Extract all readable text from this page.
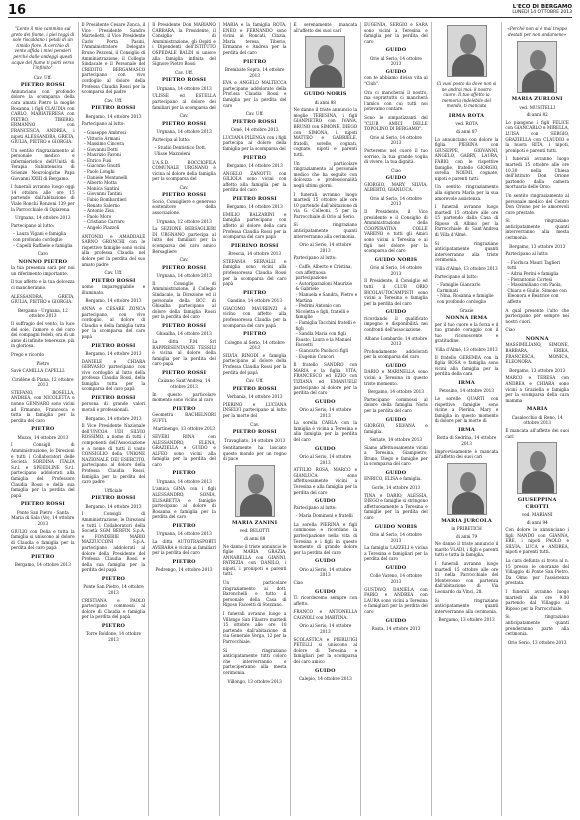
16	L'ECO DI BERGAMO
LUNEDÌ 14 OTTOBRE 2013
"Lento il mio cammino sul greto dei fiume, i piei toggi di sole riscaldano i petali di un timido fiore. A cerchio di vento affida i miei pensieri perché dalle ondeggi questi acque del fiume ti porti verso l'infinito"
Cav. Uff.
PIETRO ROSSI
Annunciano con profondo dolore la scomparsa della cara amata Pietro la moglie Rosanna, i figli CLAUDIA con CARLO, MARIATERESA con PIETRO, TIBERIO, ERMANNO con FRANCESCA, ANDREA, i nipoti ALESSANDRA, GRETA, GIULIA, PIETRO e GIORGIA.
Un sentito ringraziamento al personale medico e infermieristico dell'Unità di Terapia Subintensiva di Scienze Neurologiche Papa Giovanni XXIII di Bergamo.
I funerali avranno luogo oggi 14 ottobre alle ore 15 partendo dall'abitazione di Viale Ronchi Ronzoni 139 per la Parrocchiale di Ogiarena.
Urgnana, 14 ottobre 2013
Partecipano al lutto:
– Laura Vigani e famiglia con profondo cordoglio
– Capelli Raffaele e famiglia
Caro
NONNO PIETRO
la tua presenza sarà per noi un riferimento importante.
Il tuo affetto e la tua dolcezza ci mancheranno.
ALESSANDRA, GRETA, GIULIA, PIETRO e GIORGIA.
Bergamo - Urgnana, 12 ottobre 2013
Il suffragio del vento, la luce del sole, l'amore e del coro dei compagni fedeli, ora di un anno di infinite tenerezze, più in gloriosa.
Prego e ricordo
Pietro
Savè CAMILLA CAPELLI.
Ciridène di Piana, 12 ottobre 2013
STEFANO, ROSELLA, ANDREA, con NICOLETTA e nonno GENNARO sono vicini ad Ermanno, Francesca e tutta la famiglia per la perdita del caro
PIETRO
Mozzo, 14 ottobre 2013
I Consigli di Amministrazione, le Direzioni e tutti i Collaboratori delle Società SORDINA ITALIA S.r.l. e SPEEDLINE S.r.l. partecipano addolorati alla famiglia del Professore Claudia Rossi e della sua famiglia per la perdita del papà
PIETRO ROSSI
Ponte San Pietro - Santa Maria di Sala (Ve), 14 ottobre 2013
GIULIO con Delia e tutta la famiglia si uniscono al dolore di Claudia e famiglia per la perdita del caro papà
PIETRO
Bergamo, 14 ottobre 2013
Il Presidente Cesare Zonca, il Vice Presidente Sandro Martelletti, il Vice Presidente Carlo Porta Pasini, l'Amministratore Delegato Bruno Pezzoni, il Consiglio di Amministrazione, il Collegio Sindacale e il Personale del CREDITO BERGAMASCO partecipano con vivo cordoglio al dolore della Professa Claudia Rossi per la scomparsa del padre
Cav. Uff.
PIETRO ROSSI
Bergamo, 14 ottobre 2013
Partecipano al lutto:
– Giuseppe Ambrosi
– Vittorio Armani
– Massimo Cincera
– Giovanni Dotti
– Maurizio Faroni
– Enrico Fusi
– Giacomo Gnutti
– Paolo Longhi
– Daniele Montanelli
– Alberto Motta
– Monica Santini
– Giovanni Tantini
– Fabio Bombardieri
– Renato Salerno
– Antonio Zisa
– Paolo Moro
– Cristiano Carraro
– Angelo Piazzoli
ANTONIO e AMADDALE SARNO GRONCHI con le rispettive famiglie sono vicini alla professa Claudia nel dolore per la perdita del suo amato padre
Cav. Uff.
PIETRO ROSSI
uomo impareggiabile e illuminato.
Bergamo, 14 ottobre 2013
ANNA e CESARE ZONCA partecipano, con vivo cordoglio, al dolore di Claudia e della famiglia tutta per la scomparsa del caro papà
PIETRO ROSSI
Bergamo, 14 ottobre 2013
DANIELE e CHIARA GERVASIO partecipano con vivo cordoglio al lutto della professa Claudia Rossi, della famiglia tutta per la scomparsa del caro papà
PIETRO ROSSI
persona di grande valori morali e professionali.
Bergamo, 14 ottobre 2013
Il Vice Presidente Nazionale dell'UNCOA UDI SILVIO ROSSIMO, a nome di tutti i componenti dell'Associazione e a nome di tutti il vasto CONSIGLIO della UNIONE NAZIONALE DEI ESERCITO, partecipano al dolore della Professa Claudia Rossi, famiglia per la perdita del caro padre
Ufficiale
PIETRO ROSSI
Bergamo, 14 ottobre 2013
I Consigli di Amministrazione, le Direzioni e tutti i Collaboratori della Società SGM BERFIN S.p.A. e FONDERIE MARIO MAZZUCCONI S.p.A. partecipano addolorati al dolore della Presidente del Professa Claudia Rossi e della sua famiglia per la perdita del papà
PIETRO
Ponte San Pietro, 14 ottobre 2013
CRISTIANA e PAOLO partecipano commossi al dolore di Claudia e famiglia per la perdita del papà
PIETRO
Torre Boldone, 14 ottobre 2013
Il Presidente Don MARIANO CARRARA, la Presidente, il Consiglio di Amministrazione, gli Ospiti e i Dipendenti dell'ISTITUTO OSPEDALE BALDI si unisce alla famiglia infinita del Signore Pietro Rossi
Cav. Uff.
PIETRO ROSSI
Urgnana, 14 ottobre 2013
ULISSE ed ESTELLA partecipano al dolore dei familiari per la scomparsa del
Cav.
PIETRO ROSSI
Urgnana, 14 ottobre 2013
Partecipa al lutto:
– Studio Dentistico Dott. Ulisse Mazzoleni
L'A.S.D. BOCCIOFILA COMUNALE URGNANO è vicina al dolore della famiglia per la scomparsa del
Cav.
PIETRO ROSSI
Socio, Consigliere e generoso sostenitore della associazione.
Urgnana, 12 ottobre 2013
La SEZIONE BERSAGLIERI DI URGNANO partecipa al lutto dei familiari per la scomparsa del caro amico Bersagliere
Cav.
PIETRO ROSSI
Urgnana, 14 ottobre 2013
Il Consiglio di Amministrazione, il Collegio Sindacale, la Direzione ed il personale della BCC di Ghisalba partecipano al dolore della famiglia Rossi per la perdita del caro
PIETRO ROSSI
Ghisalba, 14 ottobre 2013
La ditta F.M. Srl RAPPRESENTANZE TESSILI è vicina al dolore della famiglia per la perdita del caro papà
PIETRO ROSSI
Caizano Sant'Andrea, 14 ottobre 2013
In questo particolare momento sono vicino al caro
PIETRO
Geometra RACHELNORI SUFTI.
Martinengo, 13 ottobre 2013
SEVERI RINA con ALESSANDRO, ELENA, GRAZIELLA e GUIDO e ALFEO sono vicini alla famiglia per la perdita del caro
PIETRO
Urgnana, 14 ottobre 2013
L'amica GINA con i figli ALESSANDRO, SONIA, ELISABETTA e famiglie partecipano al dolore di Rosanna e famiglia per la perdita del caro
PIETRO
Urgnana, 14 ottobre 2013
La ditta AUTOTRASPORTI AVERARA è vicina ai familiari per la perdita del caro
PIETRO
Pedrengo, 14 ottobre 2013
MARIA e la famiglia ROTA, ENEO e FERNANDO sono vicini ai Roncati, Cinzia, Maria teresa, Tiberio, Ermanno e Andrea per la perdita del caro
PIETRO
Brembate Sopra, 14 ottobre 2013
EVA e ANGELO MALTECCA partecipano addolorate della Prof.ssa Claudia Rossi e famiglia per la perdita del caro
Cav. Uff.
PIETRO ROSSI
Cenè, 14 ottobre 2013
LUCIANA PILENGA con i figli partecipa al dolore della famiglia per la scomparsa del
PIETRO
Bergamo, 14 ottobre 2013
ANGELO ZANOTTI con GILIOLA sono vicini con affetto alla famiglia per la perdita del caro
PIETRO ROSSI
Bergamo, 14 ottobre 2013
EMILIO BALZARINI e famiglia partecipano con affetto al dolore della cara Professa Claudia Rossi per la scomparsa del caro papà
PIERINO ROSSI
Brescia, 14 ottobre 2013
STEFANIA SERVALLI e famiglia sono vicini alla professoressa Claudia Rossi per la scomparsa del caro papà
PIETRO
Gandino, 14 ottobre 2013
GIACOMO MAURENZI è vicino con affetto alla professoressa Claudia per la scomparsa del caro papà
PIETRO
Cologno al Serio, 14 ottobre 2013
SILVIA RINODI e famiglia partecipano al dolore della Professa Claudia Rossi per la perdita del papà
Cav. Uff.
PIETRO ROSSI
Verbania, 14 ottobre 2013
PIERINO e LUCIANA INSELVI partecipano al lutto per la morte del
Cav.
PIETRO ROSSI
Travagliato, 14 ottobre 2013
Sentitamente ha lasciato questo mondo per un regno di pace
MARIA ZANINI
ved. BELOTTI
di anni 88
Ne danno il triste annuncio le figlie MARIA GRAZIA, ANNARELLA con GIANNI, PATRIZIA con DANILO, i nipoti, i pronipoti e parenti tutti.
Un particolare ringraziamento ai dott. Baronchelli e tutto il personale della Casa di Riposo Facoetti di Stezzano.
I funerali avranno luogo a Villongo San Filastro martedì 15 ottobre alle ore 10 partendo dall'abitazione di via Generale Verga, 12 per la Parrocchiale.
Si ringraziano anticipatamente tutti coloro che interverranno e parteciperanno alla mesta cerimonia.
Villongo, 13 ottobre 2013
È serenamente mancata all'affetto dei suoi cari
GUIDO NORIS
di anni 88
Ne danno il triste annuncio la moglie TERESINA, i figli GIANPIETRO con IVANA, BRUNO con SIMONE, DIEGO con SIMONA, i nipoti MATTEO e GABRIELE, fratelli, sorelle, cognati, cognate, nipoti e parenti tutti.
Un particolare ringraziamento al personale medico che ha seguito con dolcezza e professionalità negli ultimi giorni.
I funerali avranno luogo martedì 15 ottobre alle ore 10 partendo dall'abitazione di via G. Colleoni, 5 per la Parrocchiale di Orio al Serio.
Si ringraziano anticipatamente quanti interverranno alla cerimonia.
Orio al Serio, 14 ottobre 2013
Partecipano al lutto:
– Caffè, Alberto e Cristina, con affettuosa partecipazione
– Autoriparazioni Maurizio & Gabriele
– Manuela e Sandra, Pietro e Martina
– Pedrini Antonio con Nicoletta e figli, fratelli e famiglie
– Famiglia Tacchini fratelli e figli
– Sandla Maria con figli Fausto, Laura e la Manuel Facoetti
– Giancarlo Paolucci figli
– Eugenio Concori
Il fratello SANDRO con MARIA e la figlia VITA, FRANCESCO ed EZIO con TIZIANA ed EMANUELE partecipano al dolore per la perdita del caro
GUIDO
Orio al Serio, 14 ottobre 2013
La sorella CARLA con la famiglia è vicina a Teresina e alla famiglia per la perdita del caro
GUIDO
Orio al Serio, 14 ottobre 2013
ATTILIO ROSA, MARCO e GIANLUCA sono affettuosamente vicini a Teresina e alla famiglia per la perdita del caro
GUIDO
Partecipano al lutto:
– Maria Dominoni e fratelli
La sorella PIERINA e figli commosse e ricordano la partecipazione nella vita di Teresina e i figli in questo momento di grande dolore per la perdita del caro
GUIDO
Orio al Serio, 14 ottobre 2013
Ciao
GUIDO
Ti ricorderemo sempre con affetto.
FRANCO e ANTONELLA CAGNOLI con MARTINA.
Orio al Serio, 14 ottobre 2013
SCOLASTICA e PIERLUIGI PETELLI si uniscono al dolore di Teresina e famigliari per la scomparsa del caro amico
GUIDO
Calepio, 14 ottobre 2013
EUGENIA, SERGIO e SARA sono vicini a Teresina e famiglia per la perdita del caro
GUIDO
Orio al Serio, 14 ottobre 2013
GUIDO
con te abbiamo diviso vita al "Club".
Ora ci mancherai il nostro, ma soprattutto ci mancherà l'amico con cui tutti noi potevamo contare.
Sono le simpatizzanti del "CLUB AMICI DELLE TOPOLINO DI BERGAMO".
Orio al Serio, 14 ottobre 2013
Porteremo nel cuore il tuo sorriso, la tua grande voglia di vivere, la tua dignità.
Ciao
GUIDO
GIORGIO, MARY, SILVIA, ALBERTO, GIANLUCA.
Orio al Serio, 14 ottobre 2013
Il Presidente, il Vice presidente e il Consiglio di Amministrazione della COOPERATIVA COLLE VARENO e tutti gli Amici sono vicini a Teresina e ai figli nel dolore per la scomparsa del caro
GUIDO NORIS
Orio al Serio, 14 ottobre 2013
Il Presidente, il Consiglio ed tutti il CLUB ORIO BICOLAUTOCAMPISTI sono vicini a Teresina e famiglia per la perdita del caro
GUIDO
ricordando il qualificato impegno e disponibilità nei confronti dell'associazione.
Albano Lombardo, 14 ottobre 2013
Profondamente addolorati per la scomparsa del caro
GUIDO
DARIO e MARINELLA sono vicini a Teresina in questo triste momento.
Bergamo, 14 ottobre 2013
Partecipano commossi al dolore della famiglia Noris per la perdita del caro
GUIDO
GIORGIO, SILVANA e famiglia.
Seriate, 14 ottobre 2013
Siamo affettuosamente vicini a Teresina, Giampietro, Bruno, Diego e famiglie per la scomparsa del caro
GUIDO
ENRICO, ELISA e famiglia.
Gorle, 14 ottobre 2013
TINA e DARIO, ALESSIA, DIEGO e famiglie si stringono affettuosamente a Teresina e famiglie per la perdita del caro
GUIDO NORIS
Orio al Serio, 14 ottobre 2013
La famiglia LAZZELI è vicina a Teresina e famigliari per la perdita del caro
GUIDO
Colle Vareno, 14 ottobre 2013
GUSTAVO, DANIELA con FABIO e ANDREA con LAURA sono vicini a Teresina e famigliari per la perdita del caro
GUIDO
Rosta, 14 ottobre 2013
Ci vuoi posto da dove non si ne andrai mai: il nostro cuore. Il tuo affetto la memoria indelebile del mondo, ti mancata
IRMA ROTA
ved. ROTA
di anni 87
Lo annunciano con dolore la figlia PIERINA con GIUSEPPE, GIOVANNI, ANGELO, GABRY, LAURA, FABIO, con le rispettive famiglie, fratello GIORGIO, sorella NOEMI, cognate, nipoti e parenti tutti.
Un sentito ringraziamento alla signora Maria per la sua amorevole assistenza.
I funerali avranno luogo martedì 15 ottobre alle ore 15 partendo dalla Casa di Riposo di Albino per la Parrocchiale di Sant'Andrea di Villa d'Almè.
Si ringraziano anticipatamente quanti interverranno alla triste cerimonia.
Villa d'Almè, 13 ottobre 2013
Partecipano al lutto:
– Famiglie Giancarlo Carminati
– Nina, Rosanna e famiglie con profondo cordoglio
Grazie
NONNA IRMA
per il tuo cuore e la forza e il tuo grande coraggio con il tuo riconoscente e gratitudine.
Villa d'Almè, 13 ottobre 2013
Il fratello GEREMIA con la figlia ROSA e famiglia sono vicini alla famiglia per la perdita della cara
IRMA
Petosino, 14 ottobre 2013
Le sorelle QUARTI con rispettive famiglie sono vicine a Pierina, Mary e famiglia in questo momento di dolore per la morte di
IRMA
Botta di Sedrina, 14 ottobre 2013
Improvvisamente è mancata all'affetto dei suoi cari
MARIA JURCOLA
in PRIBETICH
di anni 79
Ne danno il triste annuncio il marito VLADI, i figli e parenti tutti e tutta la famiglia.
I funerali avranno luogo martedì 15 ottobre alle ore 11 nella Parrocchiale del Monterosso con partenza dall'abitazione di Via Leonardo da Vinci, 28.
Si ringraziano anticipatamente quanti interverranno alla cerimonia.
Bergamo, 13 ottobre 2013
«Perché non si è mai troppo destati per non andarsene»
MARIA ZURLONI
ved. MUSITELLI
di anni 82
Lo piangono i figli FELICE con GIANCARLO e MIRELLA, LUISA con SERGIO, GRAZIELLA con CLAUDIO e la nuora RITA, i nipoti, pronipoti e parenti tutti.
I funerali avranno luogo martedì 15 ottobre alle ore 10.30 nella Chiesa dell'Istituto Don Orione partendo dalla camera mortuaria delle Orso.
Un sentito ringraziamento al personale medico del Centro Don Orione per le amorevoli cure prestate.
Si ringraziano anticipatamente quanti interverranno alla mesta cerimonia.
Bergamo, 13 ottobre 2013
Partecipano al lutto:
– Fiorluca Mauri Taglieri tutti
– Adria Perini e famiglia
– Pierantonio Cortesi
– Massimiliano con Paola, Chiara e Giulio, Simone con Eleonora e Beatrice con affetto
A qual presente l'alto che partecipano per sempre nei nostri cuori.
Ciao
NONNA
MASSIMILIANO, SIMONE, BARBARA, ERIKA, FRANCESCA, MONICA, ELEONORA.
Bergamo, 13 ottobre 2013
MARCO e TERESA con ANDREA e CHIARA sono vicini a Graziella e famiglia per la scomparsa della cara mamma
MARIA
Casalecchio di Reno, 14 ottobre 2013
È mancata all'affetto dei suoi cari
GIUSEPPINA CROTTI
ved. MARIANI
di anni 94
Con dolore lo annunciano i figli NANDO con GIANNA, ERE, i nipoti PAOLO e SILVIA, LUCA e ANDREA, nipoti e parenti tutti.
La cara defunta si trova al n. 15 presso le onoranze del Villaggio di Ponte San Pietro. Da Olmo per l'assistenza prestata.
I funerali avranno luogo martedì alle ore 9.00 partendo dal Villaggio al Riposo per la Parrocchiale.
Si ringraziano anticipatamente quanti prenderanno parte alla cerimonia.
Orio Serio, 13 ottobre 2013
